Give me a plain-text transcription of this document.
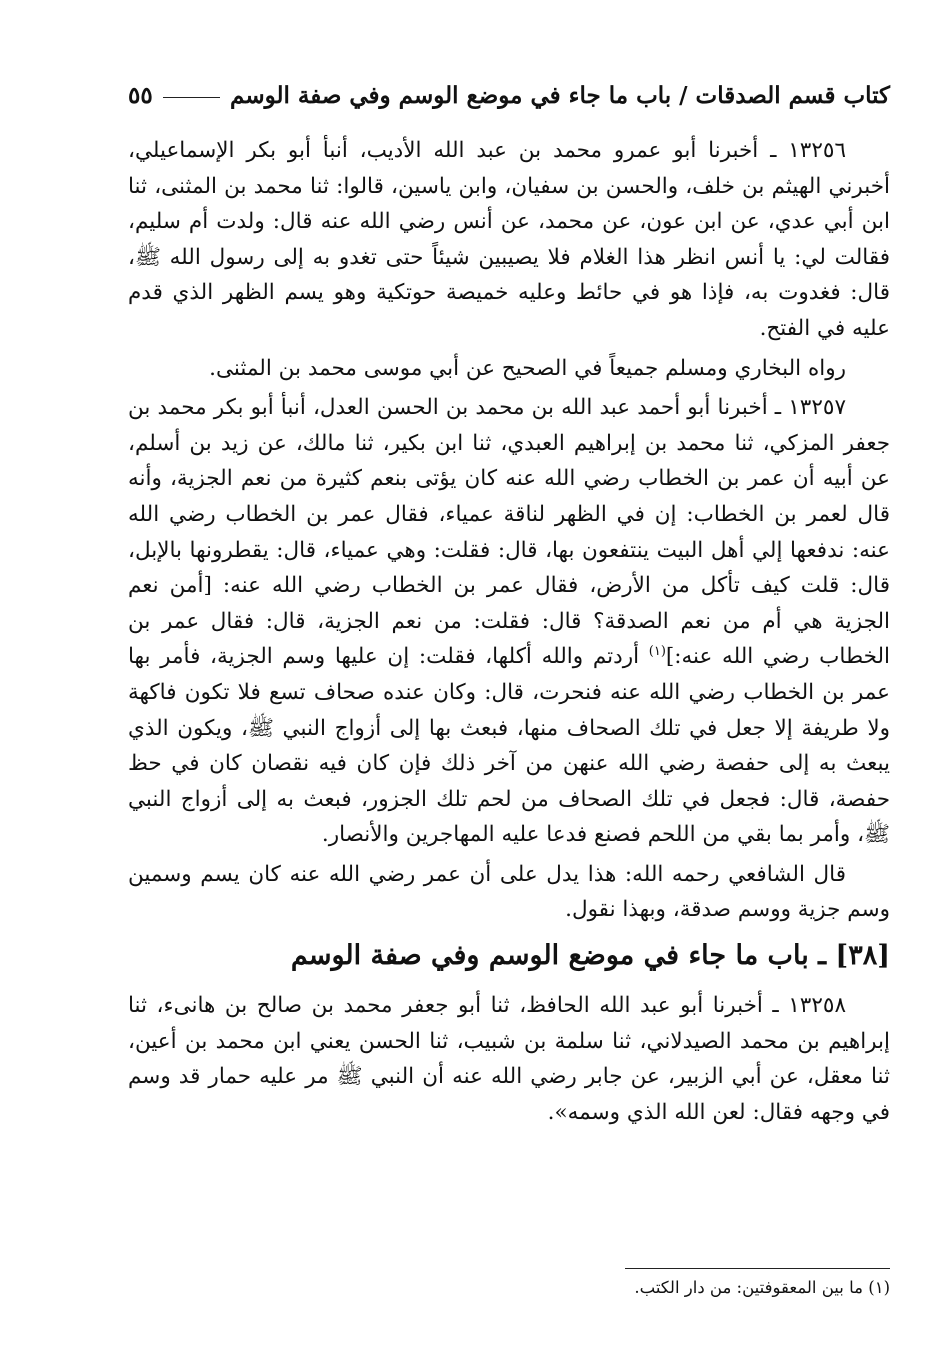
كتاب قسم الصدقات / باب ما جاء في موضع الوسم وفي صفة الوسم
٥٥

١٣٢٥٦ ـ أخبرنا أبو عمرو محمد بن عبد الله الأديب، أنبأ أبو بكر الإسماعيلي، أخبرني الهيثم بن خلف، والحسن بن سفيان، وابن ياسين، قالوا: ثنا محمد بن المثنى، ثنا ابن أبي عدي، عن ابن عون، عن محمد، عن أنس رضي الله عنه قال: ولدت أم سليم، فقالت لي: يا أنس انظر هذا الغلام فلا يصيبين شيئاً حتى تغدو به إلى رسول الله ﷺ، قال: فغدوت به، فإذا هو في حائط وعليه خميصة حوتكية وهو يسم الظهر الذي قدم عليه في الفتح.

رواه البخاري ومسلم جميعاً في الصحيح عن أبي موسى محمد بن المثنى.

١٣٢٥٧ ـ أخبرنا أبو أحمد عبد الله بن محمد بن الحسن العدل، أنبأ أبو بكر محمد بن جعفر المزكي، ثنا محمد بن إبراهيم العبدي، ثنا ابن بكير، ثنا مالك، عن زيد بن أسلم، عن أبيه أن عمر بن الخطاب رضي الله عنه كان يؤتى بنعم كثيرة من نعم الجزية، وأنه قال لعمر بن الخطاب: إن في الظهر لناقة عمياء، فقال عمر بن الخطاب رضي الله عنه: ندفعها إلي أهل البيت ينتفعون بها، قال: فقلت: وهي عمياء، قال: يقطرونها بالإبل، قال: قلت كيف تأكل من الأرض، فقال عمر بن الخطاب رضي الله عنه: [أمن نعم الجزية هي أم من نعم الصدقة؟ قال: فقلت: من نعم الجزية، قال: فقال عمر بن الخطاب رضي الله عنه:]$^{(١)}$ أردتم والله أكلها، فقلت: إن عليها وسم الجزية، فأمر بها عمر بن الخطاب رضي الله عنه فنحرت، قال: وكان عنده صحاف تسع فلا تكون فاكهة ولا طريفة إلا جعل في تلك الصحاف منها، فبعث بها إلى أزواج النبي ﷺ، ويكون الذي يبعث به إلى حفصة رضي الله عنهن من آخر ذلك فإن كان فيه نقصان كان في حظ حفصة، قال: فجعل في تلك الصحاف من لحم تلك الجزور، فبعث به إلى أزواج النبي ﷺ، وأمر بما بقي من اللحم فصنع فدعا عليه المهاجرين والأنصار.

قال الشافعي رحمه الله: هذا يدل على أن عمر رضي الله عنه كان يسم وسمين وسم جزية ووسم صدقة، وبهذا نقول.

[٣٨] ـ باب ما جاء في موضع الوسم وفي صفة الوسم

١٣٢٥٨ ـ أخبرنا أبو عبد الله الحافظ، ثنا أبو جعفر محمد بن صالح بن هانىء، ثنا إبراهيم بن محمد الصيدلاني، ثنا سلمة بن شبيب، ثنا الحسن يعني ابن محمد بن أعين، ثنا معقل، عن أبي الزبير، عن جابر رضي الله عنه أن النبي ﷺ مر عليه حمار قد وسم في وجهه فقال: لعن الله الذي وسمه».

(١) ما بين المعقوفتين: من دار الكتب.
